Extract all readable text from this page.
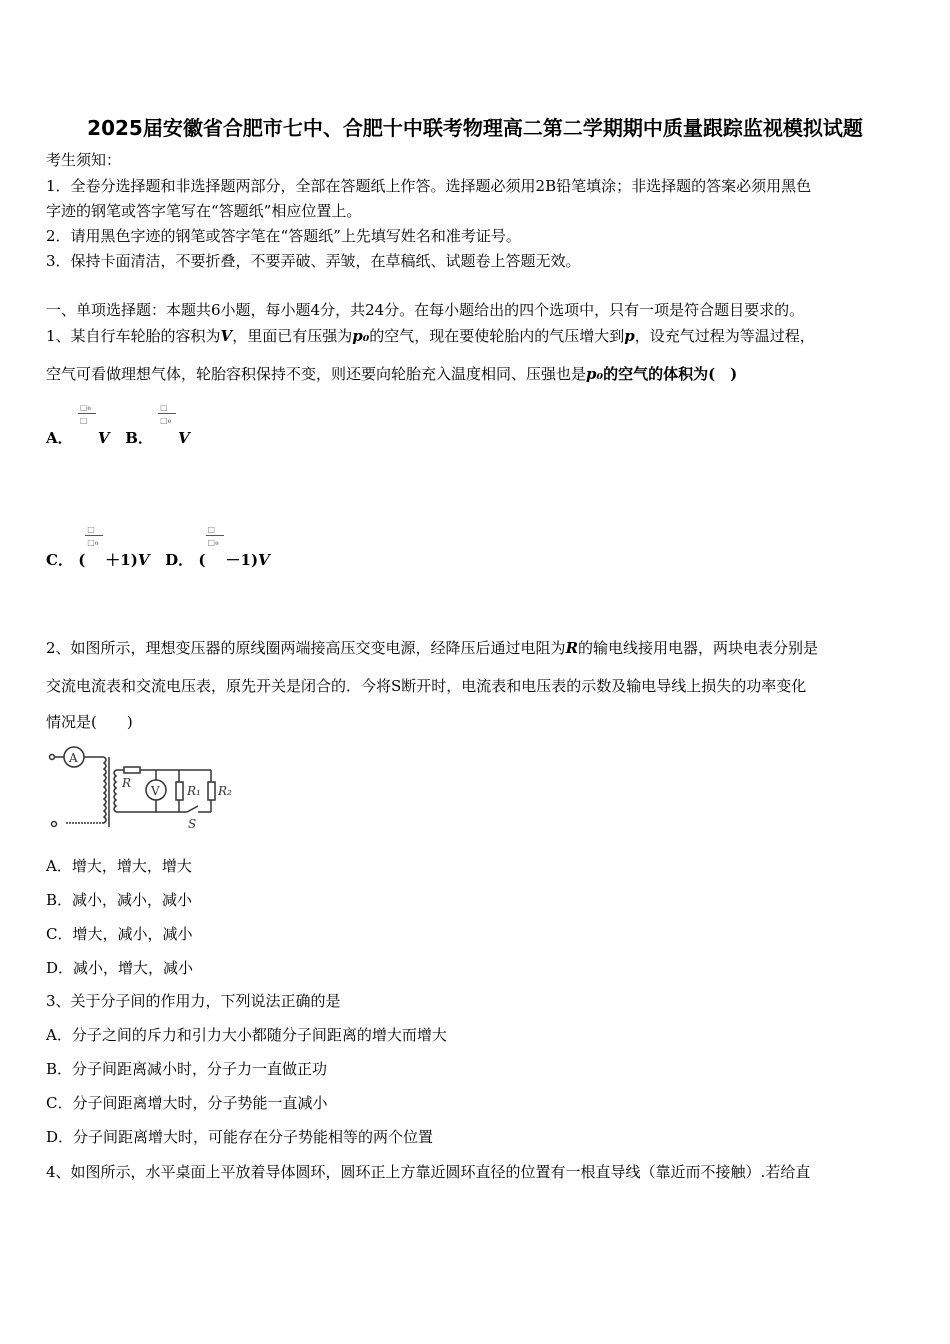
2025届安徽省合肥市七中、合肥十中联考物理高二第二学期期中质量跟踪监视模拟试题
考生须知：
1．全卷分选择题和非选择题两部分，全部在答题纸上作答。选择题必须用2B铅笔填涂；非选择题的答案必须用黑色
字迹的钢笔或答字笔写在“答题纸”相应位置上。
2．请用黑色字迹的钢笔或答字笔在“答题纸”上先填写姓名和准考证号。
3．保持卡面清洁，不要折叠，不要弄破、弄皱，在草稿纸、试题卷上答题无效。
一、单项选择题：本题共6小题，每小题4分，共24分。在每小题给出的四个选项中，只有一项是符合题目要求的。
1、某自行车轮胎的容积为V，里面已有压强为p₀的空气，现在要使轮胎内的气压增大到p，设充气过程为等温过程，
空气可看做理想气体，轮胎容积保持不变，则还要向轮胎充入温度相同、压强也是p₀的空气的体积为(　)
A． $\frac{\text{□₀}}{□}$ V B． $\frac{□}{\text{□₀}}$ V
C． ( $\frac{□}{\text{□₀}} +1)V$ D． ( $\frac{□}{\text{□₀}} -1)V$
2、如图所示，理想变压器的原线圈两端接高压交变电源，经降压后通过电阻为R的输电线接用电器，两块电表分别是
交流电流表和交流电压表，原先开关是闭合的．今将S断开时，电流表和电压表的示数及输电导线上损失的功率变化
情况是(　　)
A
R
V R₁
S
R₂
A．增大，增大，增大
B．减小，减小，减小
C．增大，减小，减小
D．减小，增大，减小
3、关于分子间的作用力，下列说法正确的是
A．分子之间的斥力和引力大小都随分子间距离的增大而增大
B．分子间距离减小时，分子力一直做正功
C．分子间距离增大时，分子势能一直减小
D．分子间距离增大时，可能存在分子势能相等的两个位置
4、如图所示，水平桌面上平放着导体圆环，圆环正上方靠近圆环直径的位置有一根直导线（靠近而不接触）.若给直
